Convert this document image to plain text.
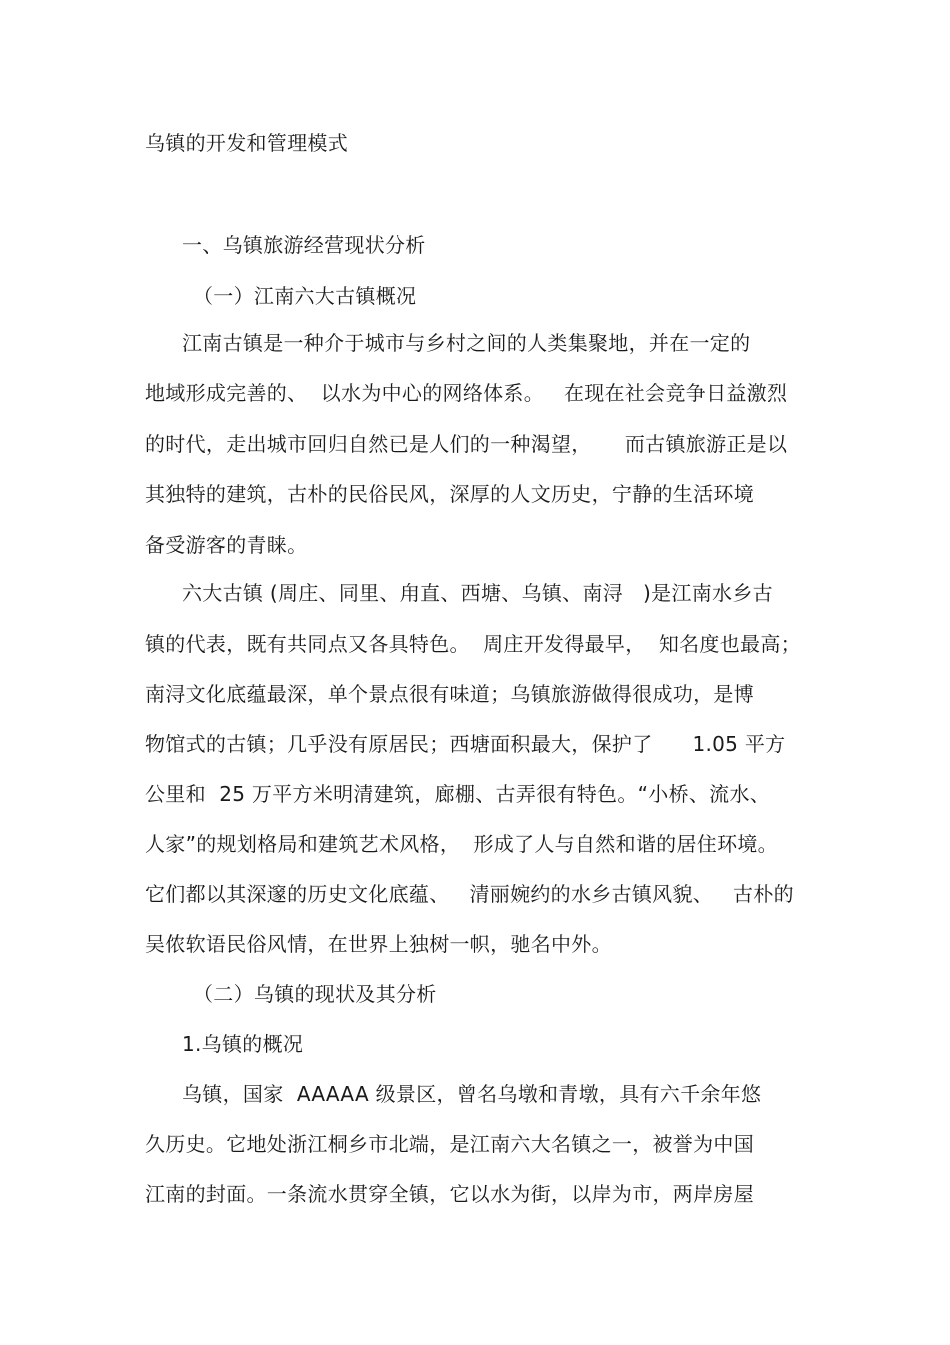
乌镇的开发和管理模式
一、乌镇旅游经营现状分析
（一）江南六大古镇概况
江南古镇是一种介于城市与乡村之间的人类集聚地，并在一定的
地域形成完善的、  以水为中心的网络体系。   在现在社会竞争日益激烈
的时代，走出城市回归自然已是人们的一种渴望，     而古镇旅游正是以
其独特的建筑，古朴的民俗民风，深厚的人文历史，宁静的生活环境
备受游客的青睐。
六大古镇 (周庄、同里、甪直、西塘、乌镇、南浔   )是江南水乡古
镇的代表，既有共同点又各具特色。  周庄开发得最早，  知名度也最高；
南浔文化底蕴最深，单个景点很有味道；乌镇旅游做得很成功，是博
物馆式的古镇；几乎没有原居民；西塘面积最大，保护了      1.05 平方
公里和  25 万平方米明清建筑，廊棚、古弄很有特色。“小桥、流水、
人家”的规划格局和建筑艺术风格，  形成了人与自然和谐的居住环境。
它们都以其深邃的历史文化底蕴、   清丽婉约的水乡古镇风貌、   古朴的
吴侬软语民俗风情，在世界上独树一帜，驰名中外。
（二）乌镇的现状及其分析
1.乌镇的概况
乌镇，国家  AAAAA 级景区，曾名乌墩和青墩，具有六千余年悠
久历史。它地处浙江桐乡市北端，是江南六大名镇之一，被誉为中国
江南的封面。一条流水贯穿全镇，它以水为街，以岸为市，两岸房屋
